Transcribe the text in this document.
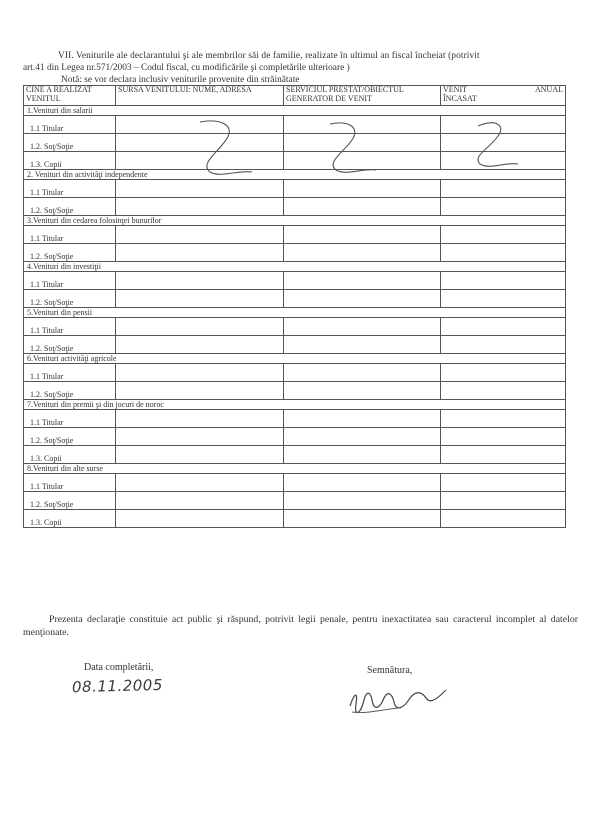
VII. Veniturile ale declarantului şi ale membrilor săi de familie, realizate în ultimul an fiscal încheiat (potrivit
art.41 din Legea nr.571/2003 – Codul fiscal, cu modificările şi completările ulterioare )
Notă: se vor declara inclusiv veniturile provenite din străinătate
CINE A REALIZAT VENITUL	SURSA VENITULUI: NUME, ADRESA	SERVICIUL PRESTAT/OBIECTUL GENERATOR DE VENIT	VENIT ANUAL
ÎNCASAT

1.Venituri din salarii			
1.1 Titular			
1.2. Soţ/Soţie			
1.3. Copii			
2. Venituri din activităţi independente			
1.1 Titular			
1.2. Soţ/Soţie			
3.Venituri din cedarea folosinţei bunurilor			
1.1 Titular			
1.2. Soţ/Soţie			
4.Venituri din investiţii			
1.1 Titular			
1.2. Soţ/Soţie			
5.Venituri din pensii			
1.1 Titular			
1.2. Soţ/Soţie			
6.Venituri activităţi agricole			
1.1 Titular			
1.2. Soţ/Soţie			
7.Venituri din premii şi din jocuri de noroc			
1.1 Titular			
1.2. Soţ/Soţie			
1.3. Copii			
8.Venituri din alte surse			
1.1 Titular			
1.2. Soţ/Soţie			
1.3. Copii			
Prezenta declaraţie constituie act public şi răspund, potrivit legii penale, pentru inexactitatea sau caracterul incomplet al datelor menţionate.
Data completării,
08.11.2005
Semnătura,
